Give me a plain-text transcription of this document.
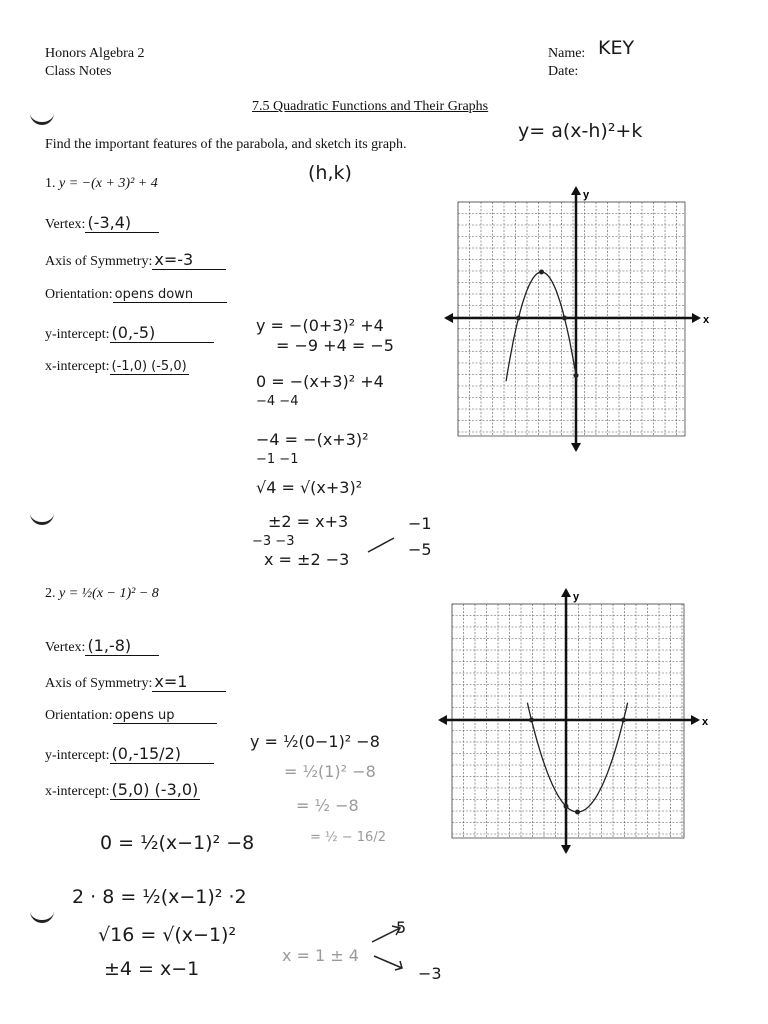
Honors Algebra 2
Class Notes
Name: KEY
Date:
7.5 Quadratic Functions and Their Graphs
Find the important features of the parabola, and sketch its graph.
y= a(x-h)²+k
(h,k)
1. y = −(x + 3)² + 4
Vertex: (-3,4)
Axis of Symmetry: x=-3
Orientation: opens down
y-intercept: (0,-5)
x-intercept: (-1,0) (-5,0)
y = −(0+3)² +4
= −9 +4 = −5
0 = −(x+3)² +4
−4 −4
−4 = −(x+3)²
−1 −1
√4 = √(x+3)²
±2 = x+3
−3 −3
x = ±2 −3
−1
−5
2. y = ½(x − 1)² − 8
Vertex: (1,-8)
Axis of Symmetry: x=1
Orientation: opens up
y-intercept: (0,-15/2)
x-intercept: (5,0) (-3,0)
y = ½(0−1)² −8
= ½(1)² −8
= ½ −8
= ½ − 16/2
0 = ½(x−1)² −8
2 · 8 = ½(x−1)² ·2
√16 = √(x−1)²
±4 = x−1
x = 1 ± 4
5
−3
x
y
x
y
